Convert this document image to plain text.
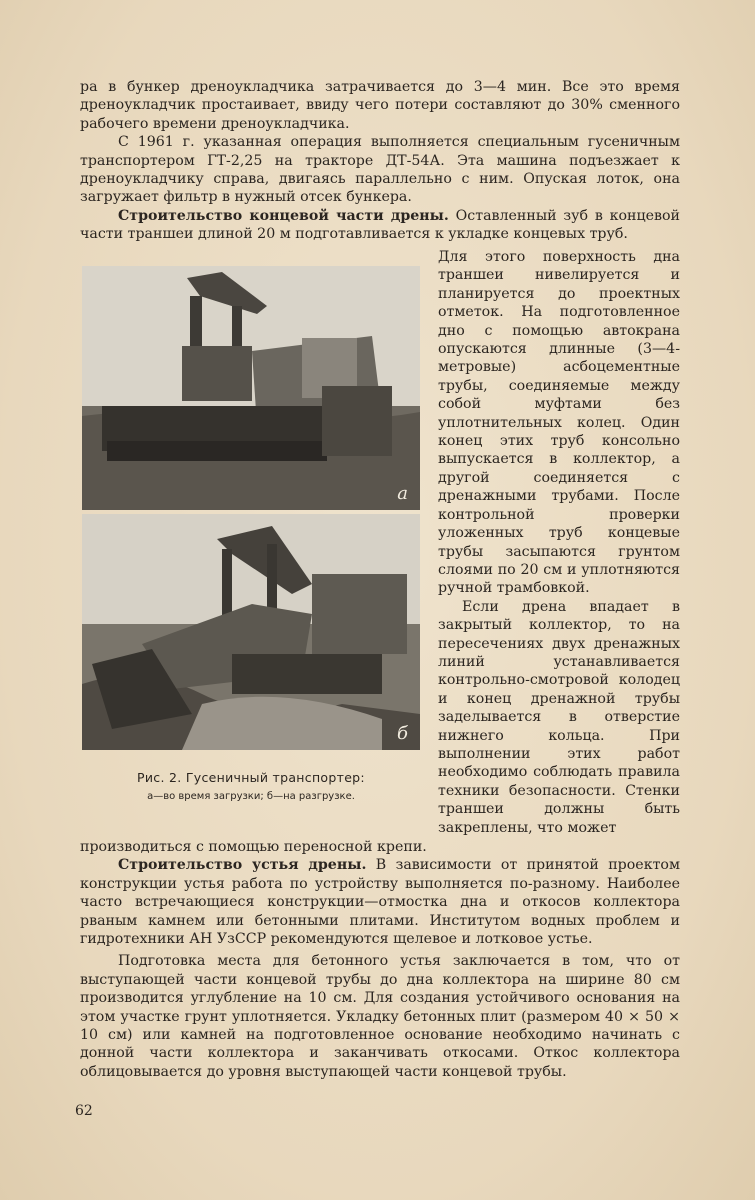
ра в бункер дреноукладчика затрачивается до 3—4 мин. Все это время дреноукладчик простаивает, ввиду чего потери составляют до 30% сменного рабочего времени дреноукладчика.

С 1961 г. указанная операция выполняется специальным гусеничным транспортером ГТ-2,25 на тракторе ДТ-54А. Эта машина подъезжает к дреноукладчику справа, двигаясь параллельно с ним. Опуская лоток, она загружает фильтр в нужный отсек бункера.

Строительство концевой части дрены. Оставленный зуб в концевой части траншеи длиной 20 м подготавливается к укладке концевых труб.

а
б
Рис. 2. Гусеничный транспортер:
а—во время загрузки; б—на разгрузке.

Для этого поверхность дна траншеи нивелируется и планируется до проектных отметок. На подготовленное дно с помощью автокрана опускаются длинные (3—4-метровые) асбоцементные трубы, соединяемые между собой муфтами без уплотнительных колец. Один конец этих труб консольно выпускается в коллектор, а другой соединяется с дренажными трубами. После контрольной проверки уложенных труб концевые трубы засыпаются грунтом слоями по 20 см и уплотняются ручной трамбовкой.

Если дрена впадает в закрытый коллектор, то на пересечениях двух дренажных линий устанавливается контрольно-смотровой колодец и конец дренажной трубы заделывается в отверстие нижнего кольца. При выполнении этих работ необходимо соблюдать правила техники безопасности. Стенки траншеи должны быть закреплены, что может

производиться с помощью переносной крепи.

Строительство устья дрены. В зависимости от принятой проектом конструкции устья работа по устройству выполняется по-разному. Наиболее часто встречающиеся конструкции—отмостка дна и откосов коллектора рваным камнем или бетонными плитами. Институтом водных проблем и гидротехники АН УзССР рекомендуются щелевое и лотковое устье.

Подготовка места для бетонного устья заключается в том, что от выступающей части концевой трубы до дна коллектора на ширине 80 см производится углубление на 10 см. Для создания устойчивого основания на этом участке грунт уплотняется. Укладку бетонных плит (размером 40 × 50 × 10 см) или камней на подготовленное основание необходимо начинать с донной части коллектора и заканчивать откосами. Откос коллектора облицовывается до уровня выступающей части концевой трубы.

62
